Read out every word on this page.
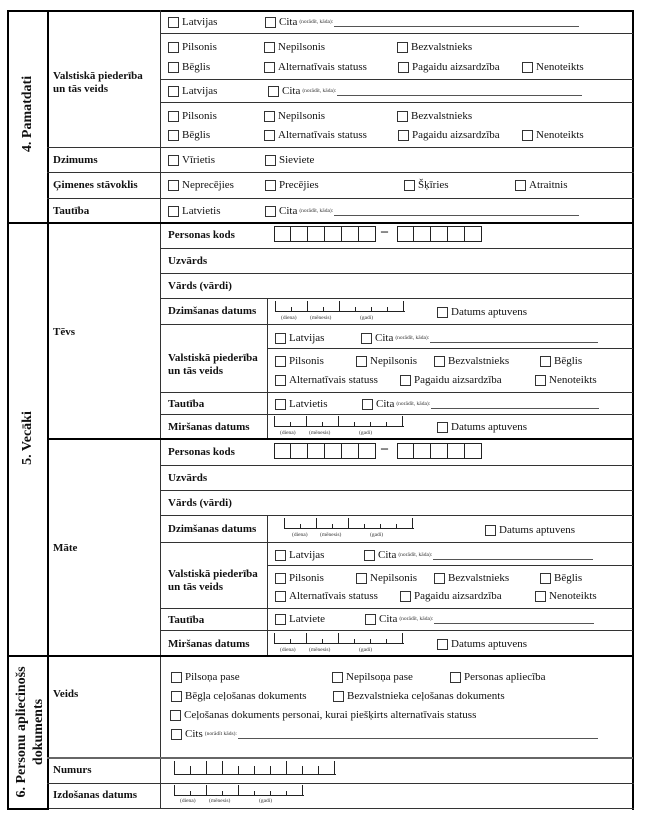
4. Pamatdati Valstiskā piederība
un tās veids
Latvijas	Cita (norādīt, kāda):
Pilsonis	Nepilsonis	Bezvalstnieks
Bēglis	Alternatīvais statuss	Pagaidu aizsardzība	Nenoteikts
Latvijas	Cita (norādīt, kāda):
Pilsonis	Nepilsonis	Bezvalstnieks
Bēglis	Alternatīvais statuss	Pagaidu aizsardzība	Nenoteikts
Dzimums	Vīrietis	Sieviete
Ģimenes stāvoklis	Neprecējies	Precējies	Šķīries	Atraitnis
Tautība	Latvietis	Cita (norādīt, kāda):
5. Vecāki
Tēvs
Personas kods	–
Uzvārds
Vārds (vārdi)
Dzimšanas datums
(diena) (mēnesis)	(gadi)	Datums aptuvens
Valstiskā piederība
un tās veids
Latvijas	Cita (norādīt, kāda):
Pilsonis	Nepilsonis	Bezvalstnieks	Bēglis
Alternatīvais statuss	Pagaidu aizsardzība	Nenoteikts
Tautība	Latvietis	Cita (norādīt, kāda):
Miršanas datums	(diena) (mēnesis)	(gadi)	Datums aptuvens
Māte
Personas kods	–
Uzvārds
Vārds (vārdi)
Dzimšanas datums	(diena) (mēnesis)	(gadi)	Datums aptuvens
Valstiskā piederība
un tās veids
Latvijas	Cita (norādīt, kāda):
Pilsonis	Nepilsonis	Bezvalstnieks	Bēglis
Alternatīvais statuss	Pagaidu aizsardzība	Nenoteikts
Tautība	Latviete	Cita (norādīt, kāda):
Miršanas datums	(diena) (mēnesis)	(gadi)	Datums aptuvens
6. Personu apliecinošs dokuments
Veids
Pilsoņa pase	Nepilsoņa pase	Personas apliecība
Bēgļa ceļošanas dokuments	Bezvalstnieka ceļošanas dokuments
Ceļošanas dokuments personai, kurai piešķirts alternatīvais statuss
Cits (norādīt kāds):
Numurs
Izdošanas datums	(diena) (mēnesis)	(gadi)
